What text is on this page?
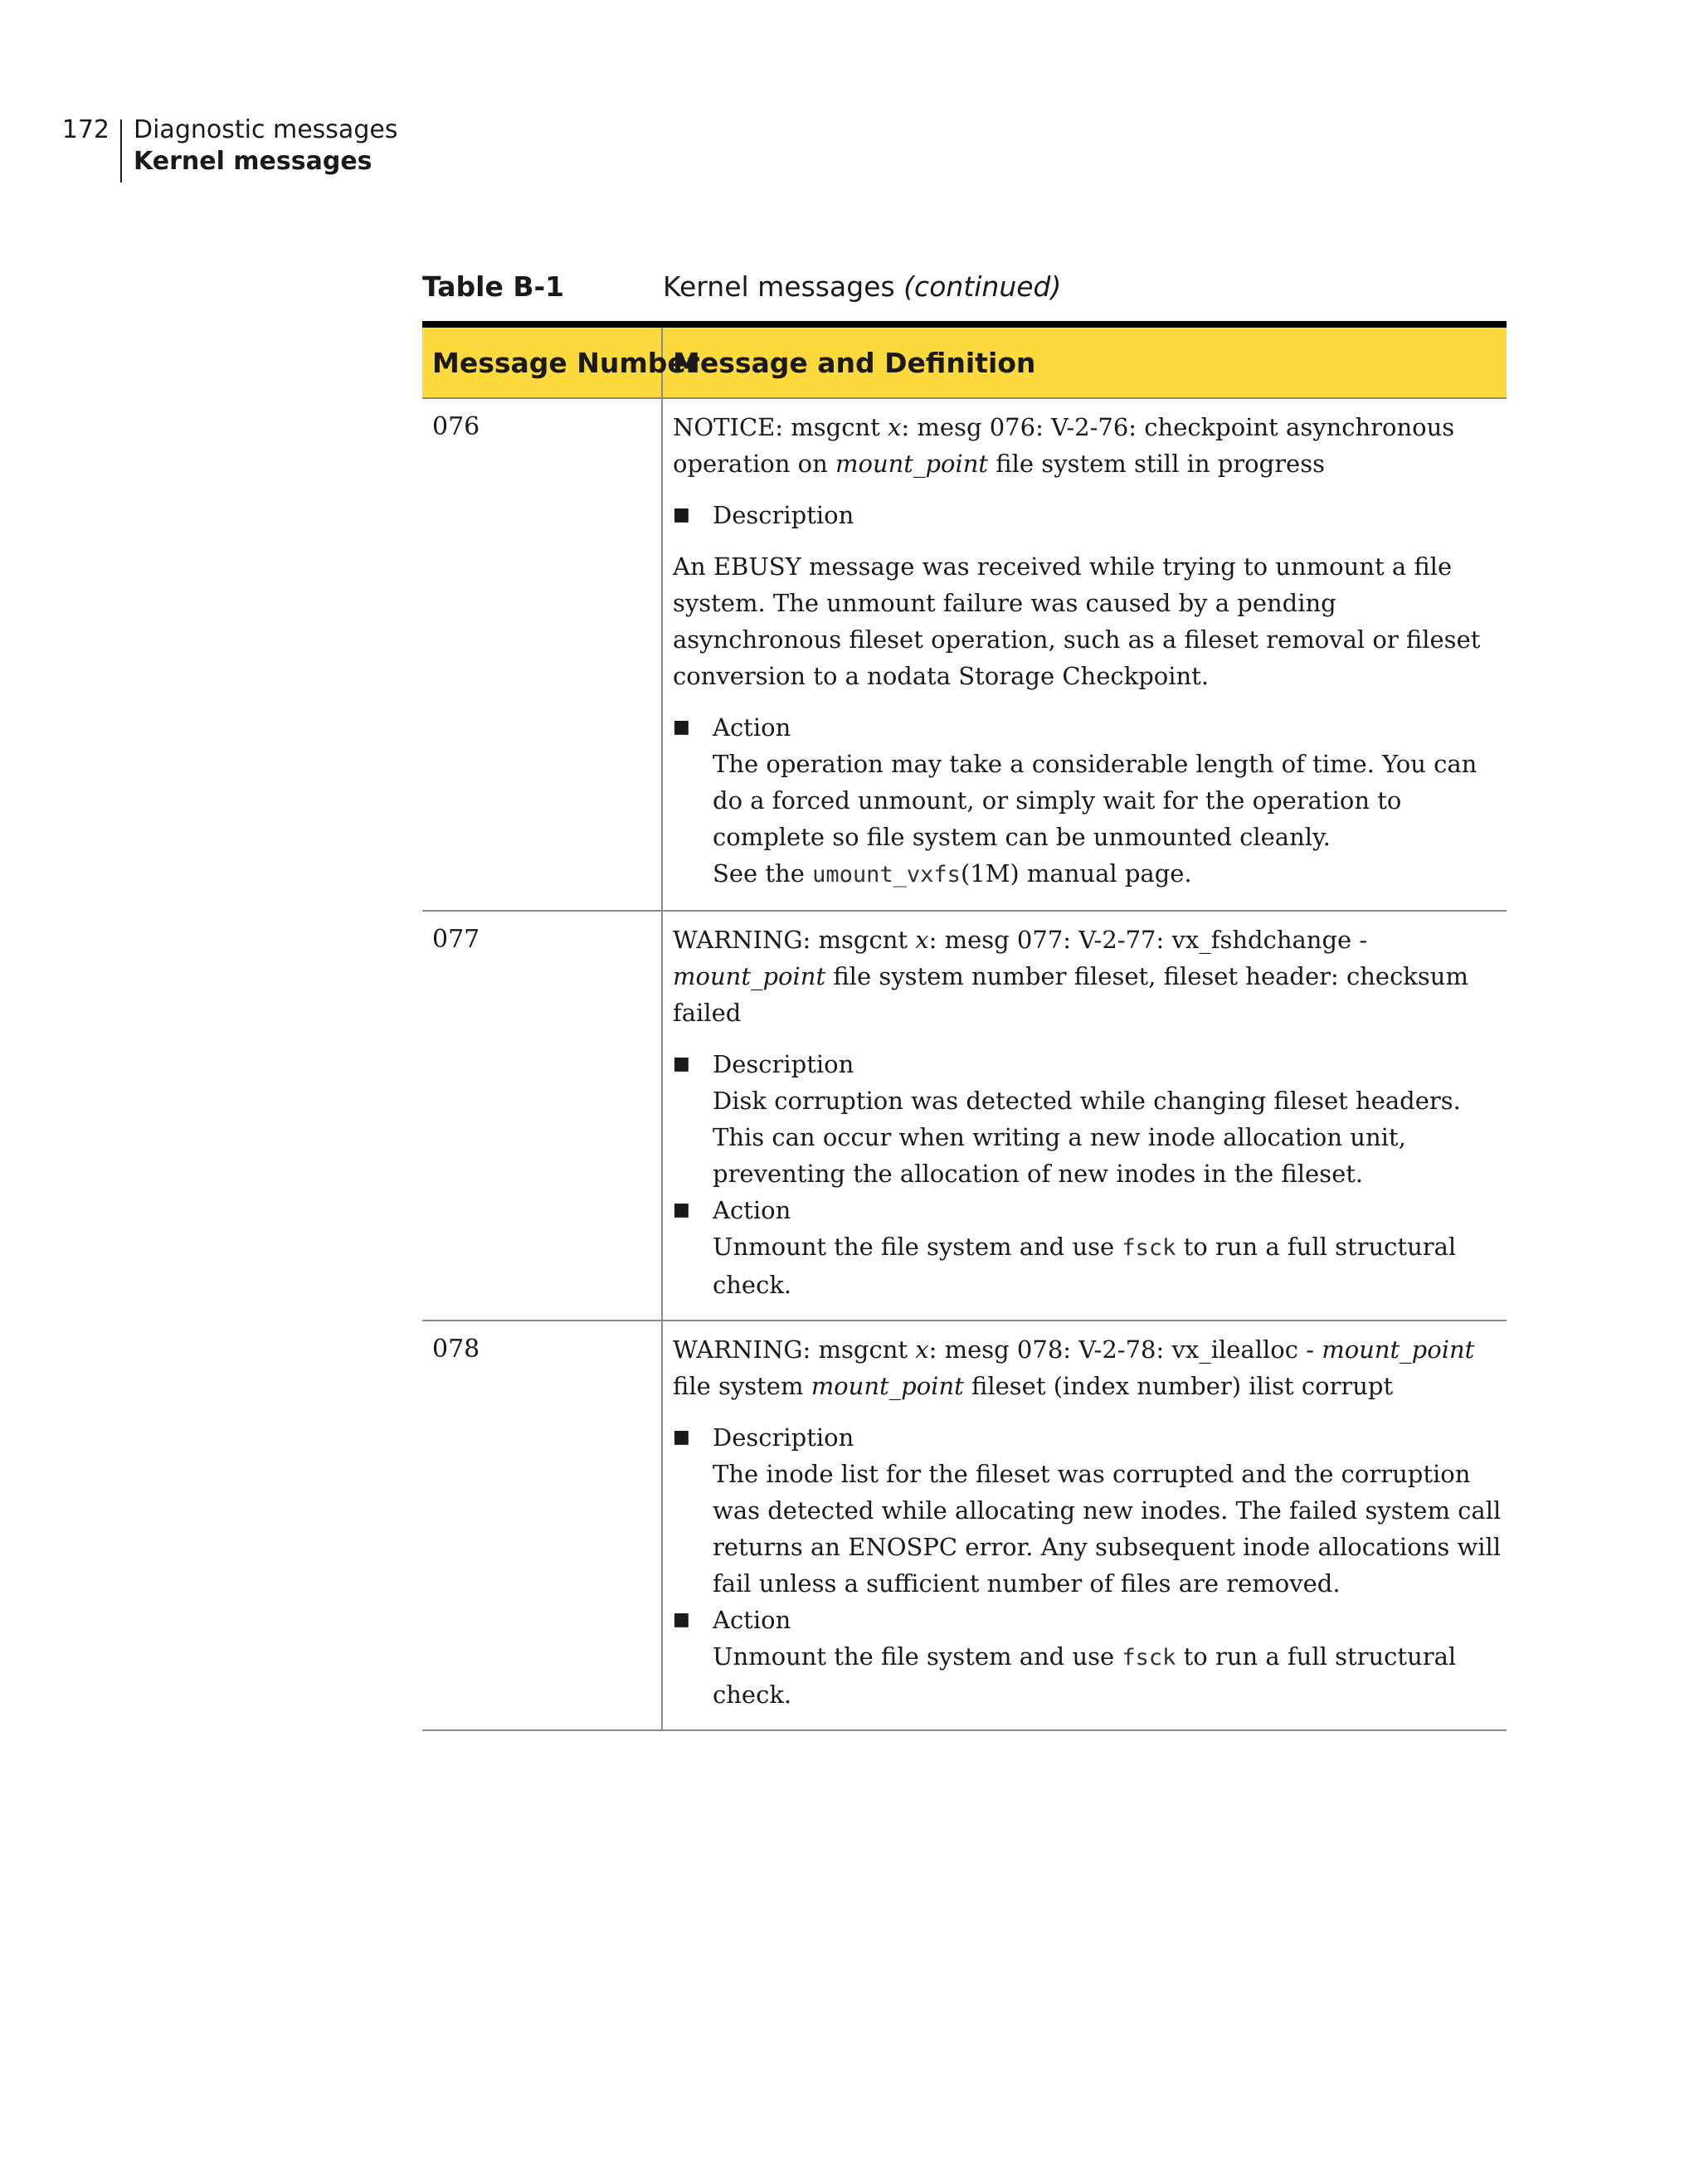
172 Diagnostic messages
Kernel messages
Table B-1	Kernel messages (continued)
Message Number
Message and Definition
076	NOTICE: msgcnt x: mesg 076: V-2-76: checkpoint asynchronous operation on mount_point file system still in progress

■ Description

An EBUSY message was received while trying to unmount a file system. The unmount failure was caused by a pending asynchronous fileset operation, such as a fileset removal or fileset conversion to a nodata Storage Checkpoint.

■ Action
The operation may take a considerable length of time. You can do a forced unmount, or simply wait for the operation to complete so file system can be unmounted cleanly.
See the umount_vxfs(1M) manual page.
077	WARNING: msgcnt x: mesg 077: V-2-77: vx_fshdchange - mount_point file system number fileset, fileset header: checksum failed

■ Description
Disk corruption was detected while changing fileset headers. This can occur when writing a new inode allocation unit, preventing the allocation of new inodes in the fileset.
■ Action
Unmount the file system and use fsck to run a full structural check.
078	WARNING: msgcnt x: mesg 078: V-2-78: vx_ilealloc - mount_point file system mount_point fileset (index number) ilist corrupt

■ Description
The inode list for the fileset was corrupted and the corruption was detected while allocating new inodes. The failed system call returns an ENOSPC error. Any subsequent inode allocations will fail unless a sufficient number of files are removed.
■ Action
Unmount the file system and use fsck to run a full structural check.
